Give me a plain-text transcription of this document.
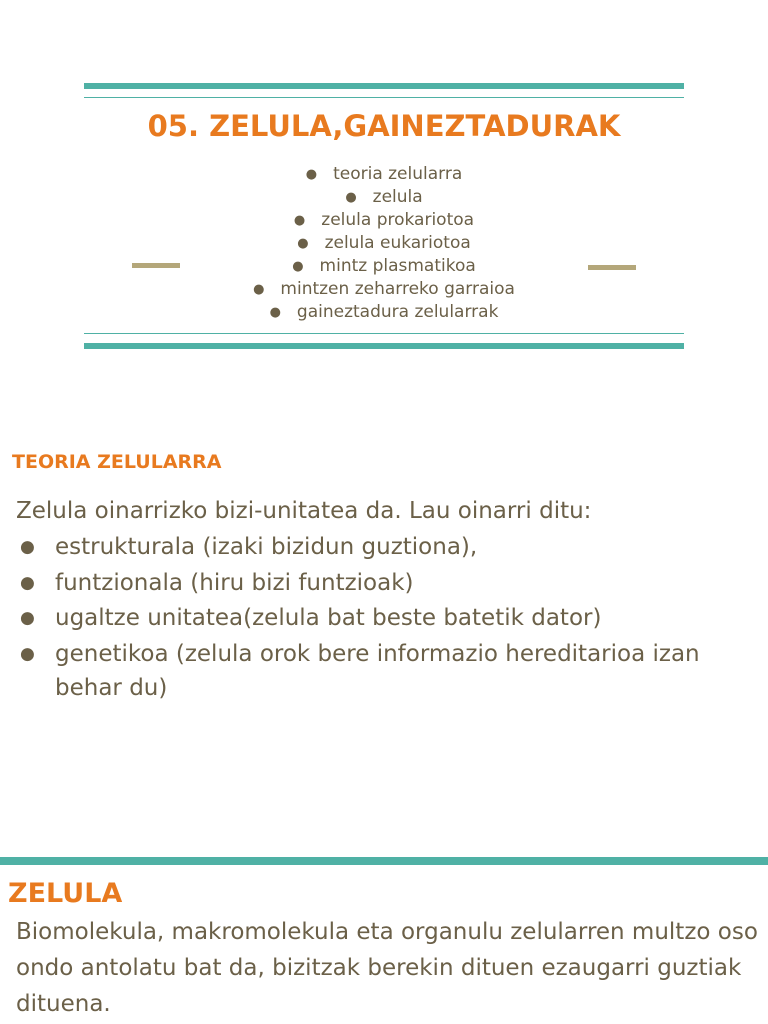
05. ZELULA,GAINEZTADURAK
● teoria zelularra
● zelula
● zelula prokariotoa
● zelula eukariotoa
● mintz plasmatikoa
● mintzen zeharreko garraioa
● gaineztadura zelularrak
TEORIA ZELULARRA

Zelula oinarrizko bizi-unitatea da. Lau oinarri ditu:

● estrukturala (izaki bizidun guztiona),
● funtzionala (hiru bizi funtzioak)
● ugaltze unitatea(zelula bat beste batetik dator)
● genetikoa (zelula orok bere informazio hereditarioa izan behar du)
ZELULA

Biomolekula, makromolekula eta organulu zelularren multzo oso ondo antolatu bat da, bizitzak berekin dituen ezaugarri guztiak dituena.
